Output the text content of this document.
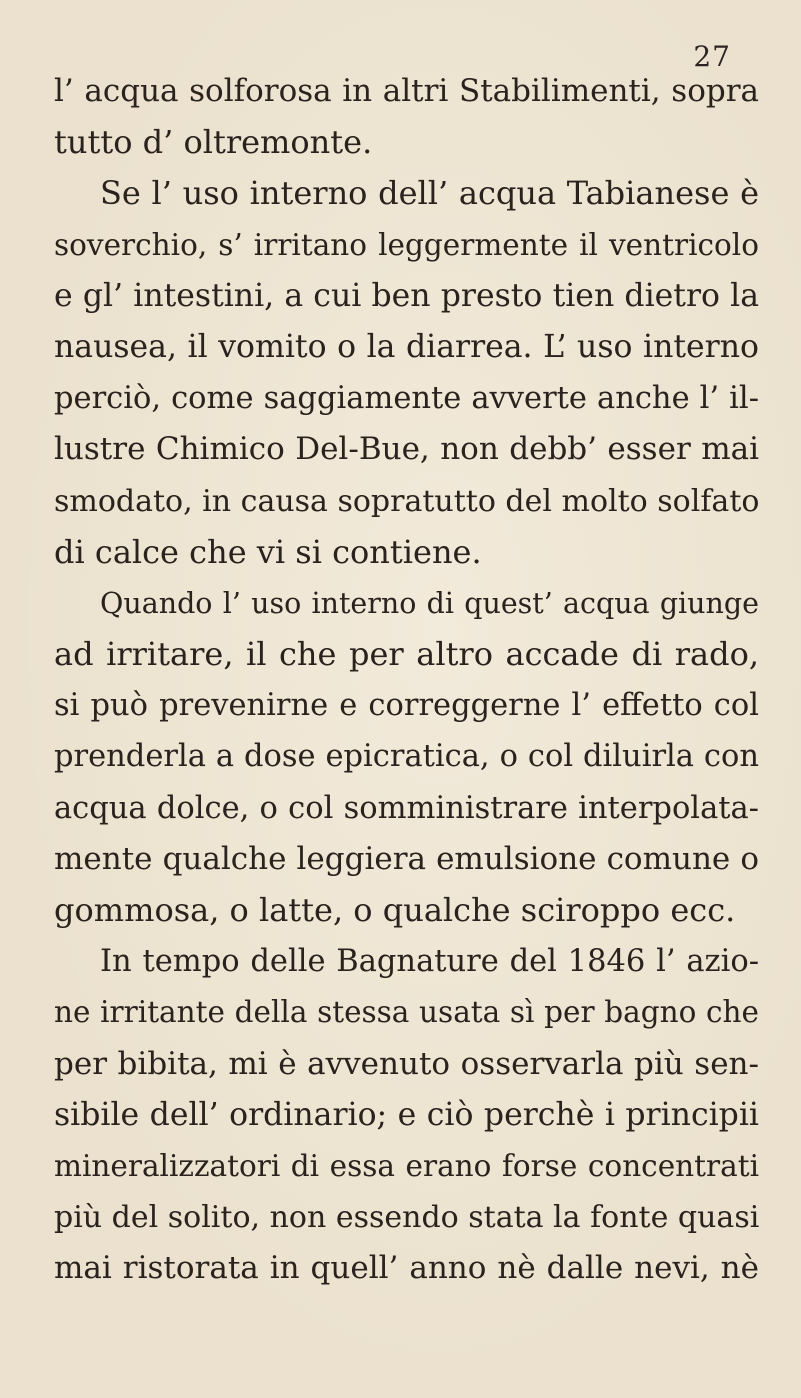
27
l’ acqua solforosa in altri Stabilimenti, sopra
tutto d’ oltremonte.
Se l’ uso interno dell’ acqua Tabianese è
soverchio, s’ irritano leggermente il ventricolo
e gl’ intestini, a cui ben presto tien dietro la
nausea, il vomito o la diarrea. L’ uso interno
perciò, come saggiamente avverte anche l’ il-
lustre Chimico Del-Bue, non debb’ esser mai
smodato, in causa sopratutto del molto solfato
di calce che vi si contiene.
Quando l’ uso interno di quest’ acqua giunge
ad irritare, il che per altro accade di rado,
si può prevenirne e correggerne l’ effetto col
prenderla a dose epicratica, o col diluirla con
acqua dolce, o col somministrare interpolata-
mente qualche leggiera emulsione comune o
gommosa, o latte, o qualche sciroppo ecc.
In tempo delle Bagnature del 1846 l’ azio-
ne irritante della stessa usata sì per bagno che
per bibita, mi è avvenuto osservarla più sen-
sibile dell’ ordinario; e ciò perchè i principii
mineralizzatori di essa erano forse concentrati
più del solito, non essendo stata la fonte quasi
mai ristorata in quell’ anno nè dalle nevi, nè
